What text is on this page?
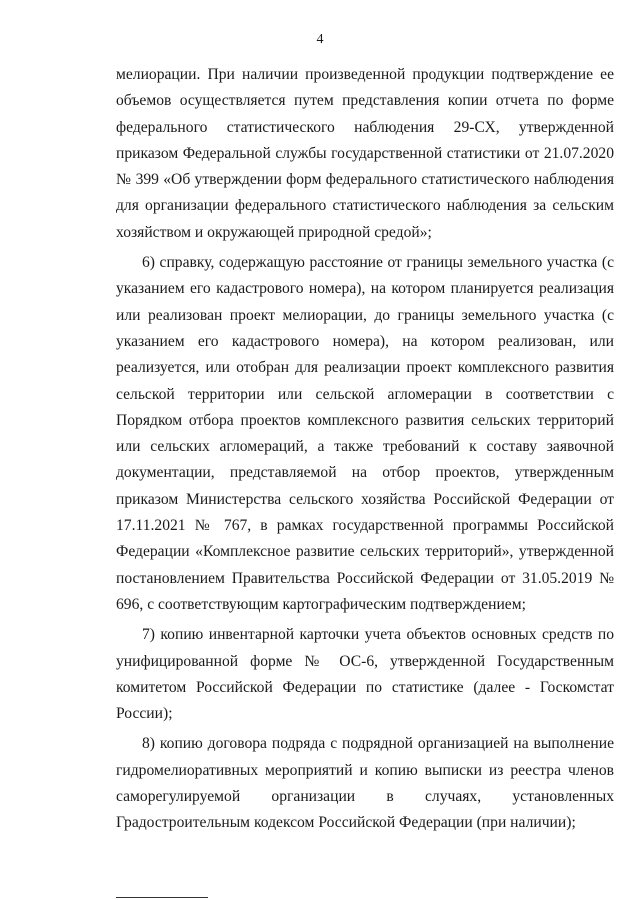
4

мелиорации. При наличии произведенной продукции подтверждение ее объемов осуществляется путем представления копии отчета по форме федерального статистического наблюдения 29-СХ, утвержденной приказом Федеральной службы государственной статистики от 21.07.2020 № 399 «Об утверждении форм федерального статистического наблюдения для организации федерального статистического наблюдения за сельским хозяйством и окружающей природной средой»;

6) справку, содержащую расстояние от границы земельного участка (с указанием его кадастрового номера), на котором планируется реализация или реализован проект мелиорации, до границы земельного участка (с указанием его кадастрового номера), на котором реализован, или реализуется, или отобран для реализации проект комплексного развития сельской территории или сельской агломерации в соответствии с Порядком отбора проектов комплексного развития сельских территорий или сельских агломераций, а также требований к составу заявочной документации, представляемой на отбор проектов, утвержденным приказом Министерства сельского хозяйства Российской Федерации от 17.11.2021 № 767, в рамках государственной программы Российской Федерации «Комплексное развитие сельских территорий», утвержденной постановлением Правительства Российской Федерации от 31.05.2019 № 696, с соответствующим картографическим подтверждением;

7) копию инвентарной карточки учета объектов основных средств по унифицированной форме № ОС-6, утвержденной Государственным комитетом Российской Федерации по статистике (далее - Госкомстат России);

8) копию договора подряда с подрядной организацией на выполнение гидромелиоративных мероприятий и копию выписки из реестра членов саморегулируемой организации в случаях, установленных Градостроительным кодексом Российской Федерации (при наличии);
